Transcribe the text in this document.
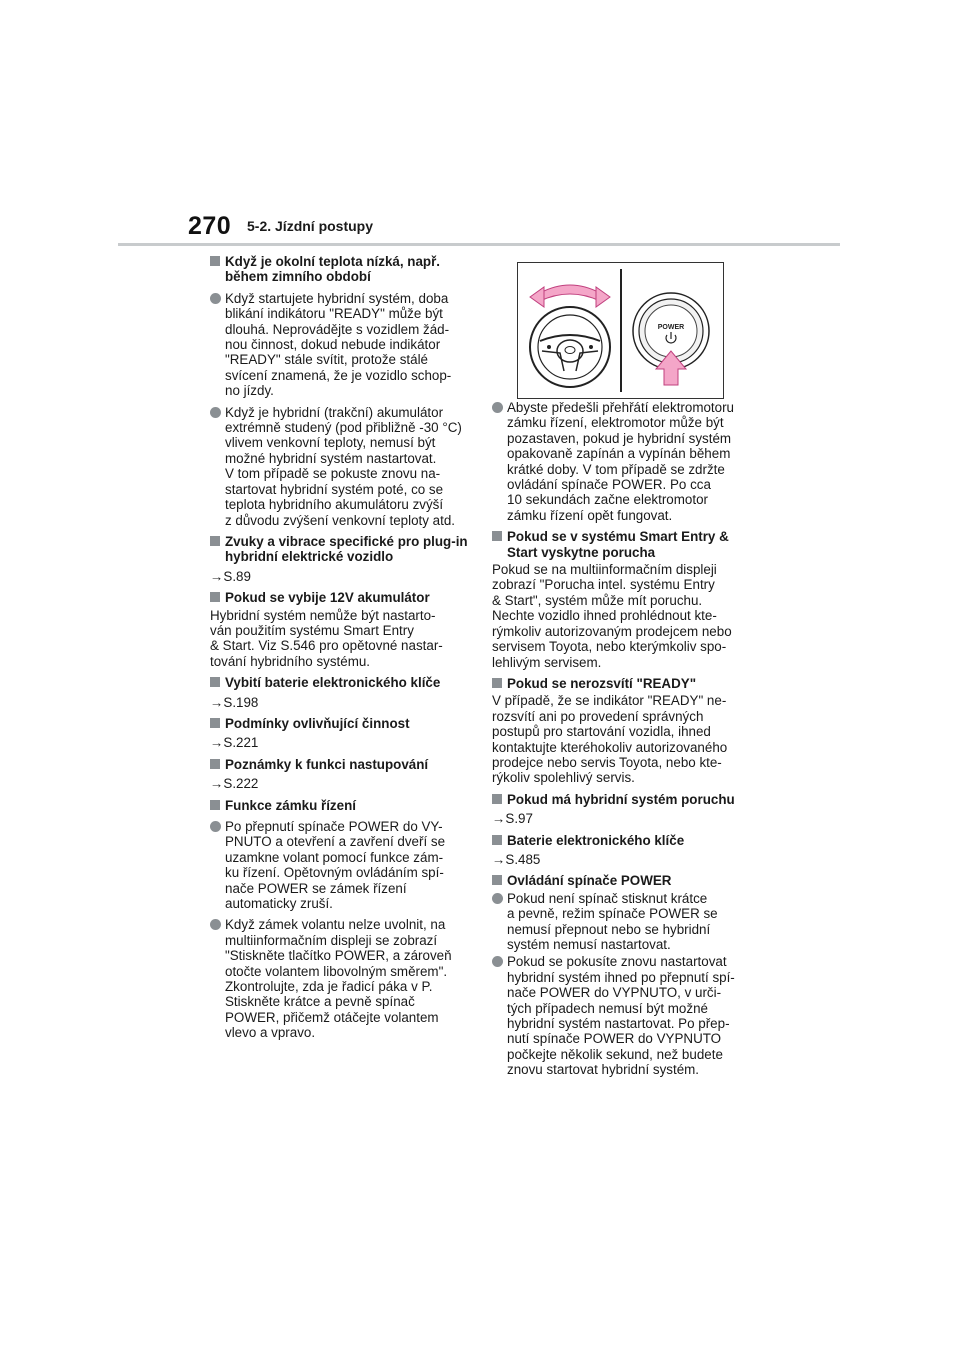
270 5-2. Jízdní postupy
Když je okolní teplota nízká, např. během zimního období
Když startujete hybridní systém, doba
blikání indikátoru "READY" může být
dlouhá. Neprovádějte s vozidlem žád-
nou činnost, dokud nebude indikátor
"READY" stále svítit, protože stálé
svícení znamená, že je vozidlo schop-
no jízdy.
Když je hybridní (trakční) akumulátor
extrémně studený (pod přibližně -30 °C)
vlivem venkovní teploty, nemusí být
možné hybridní systém nastartovat.
V tom případě se pokuste znovu na-
startovat hybridní systém poté, co se
teplota hybridního akumulátoru zvýší
z důvodu zvýšení venkovní teploty atd.
Zvuky a vibrace specifické pro plug-in hybridní elektrické vozidlo
→S.89
Pokud se vybije 12V akumulátor
Hybridní systém nemůže být nastarto-
ván použitím systému Smart Entry
& Start. Viz S.546 pro opětovné nastar-
tování hybridního systému.
Vybití baterie elektronického klíče
→S.198
Podmínky ovlivňující činnost
→S.221
Poznámky k funkci nastupování
→S.222
Funkce zámku řízení
Po přepnutí spínače POWER do VY-
PNUTO a otevření a zavření dveří se
uzamkne volant pomocí funkce zám-
ku řízení. Opětovným ovládáním spí-
nače POWER se zámek řízení
automaticky zruší.
Když zámek volantu nelze uvolnit, na
multiinformačním displeji se zobrazí
"Stiskněte tlačítko POWER, a zároveň
otočte volantem libovolným směrem".
Zkontrolujte, zda je řadicí páka v P.
Stiskněte krátce a pevně spínač
POWER, přičemž otáčejte volantem
vlevo a vpravo.
POWER
Abyste předešli přehřátí elektromotoru
zámku řízení, elektromotor může být
pozastaven, pokud je hybridní systém
opakovaně zapínán a vypínán během
krátké doby. V tom případě se zdržte
ovládání spínače POWER. Po cca
10 sekundách začne elektromotor
zámku řízení opět fungovat.
Pokud se v systému Smart Entry & Start vyskytne porucha
Pokud se na multiinformačním displeji
zobrazí "Porucha intel. systému Entry
& Start", systém může mít poruchu.
Nechte vozidlo ihned prohlédnout kte-
rýmkoliv autorizovaným prodejcem nebo
servisem Toyota, nebo kterýmkoliv spo-
lehlivým servisem.
Pokud se nerozsvítí "READY"
V případě, že se indikátor "READY" ne-
rozsvítí ani po provedení správných
postupů pro startování vozidla, ihned
kontaktujte kteréhokoliv autorizovaného
prodejce nebo servis Toyota, nebo kte-
rýkoliv spolehlivý servis.
Pokud má hybridní systém poruchu
→S.97
Baterie elektronického klíče
→S.485
Ovládání spínače POWER
Pokud není spínač stisknut krátce
a pevně, režim spínače POWER se
nemusí přepnout nebo se hybridní
systém nemusí nastartovat.
Pokud se pokusíte znovu nastartovat
hybridní systém ihned po přepnutí spí-
nače POWER do VYPNUTO, v urči-
tých případech nemusí být možné
hybridní systém nastartovat. Po přep-
nutí spínače POWER do VYPNUTO
počkejte několik sekund, než budete
znovu startovat hybridní systém.
